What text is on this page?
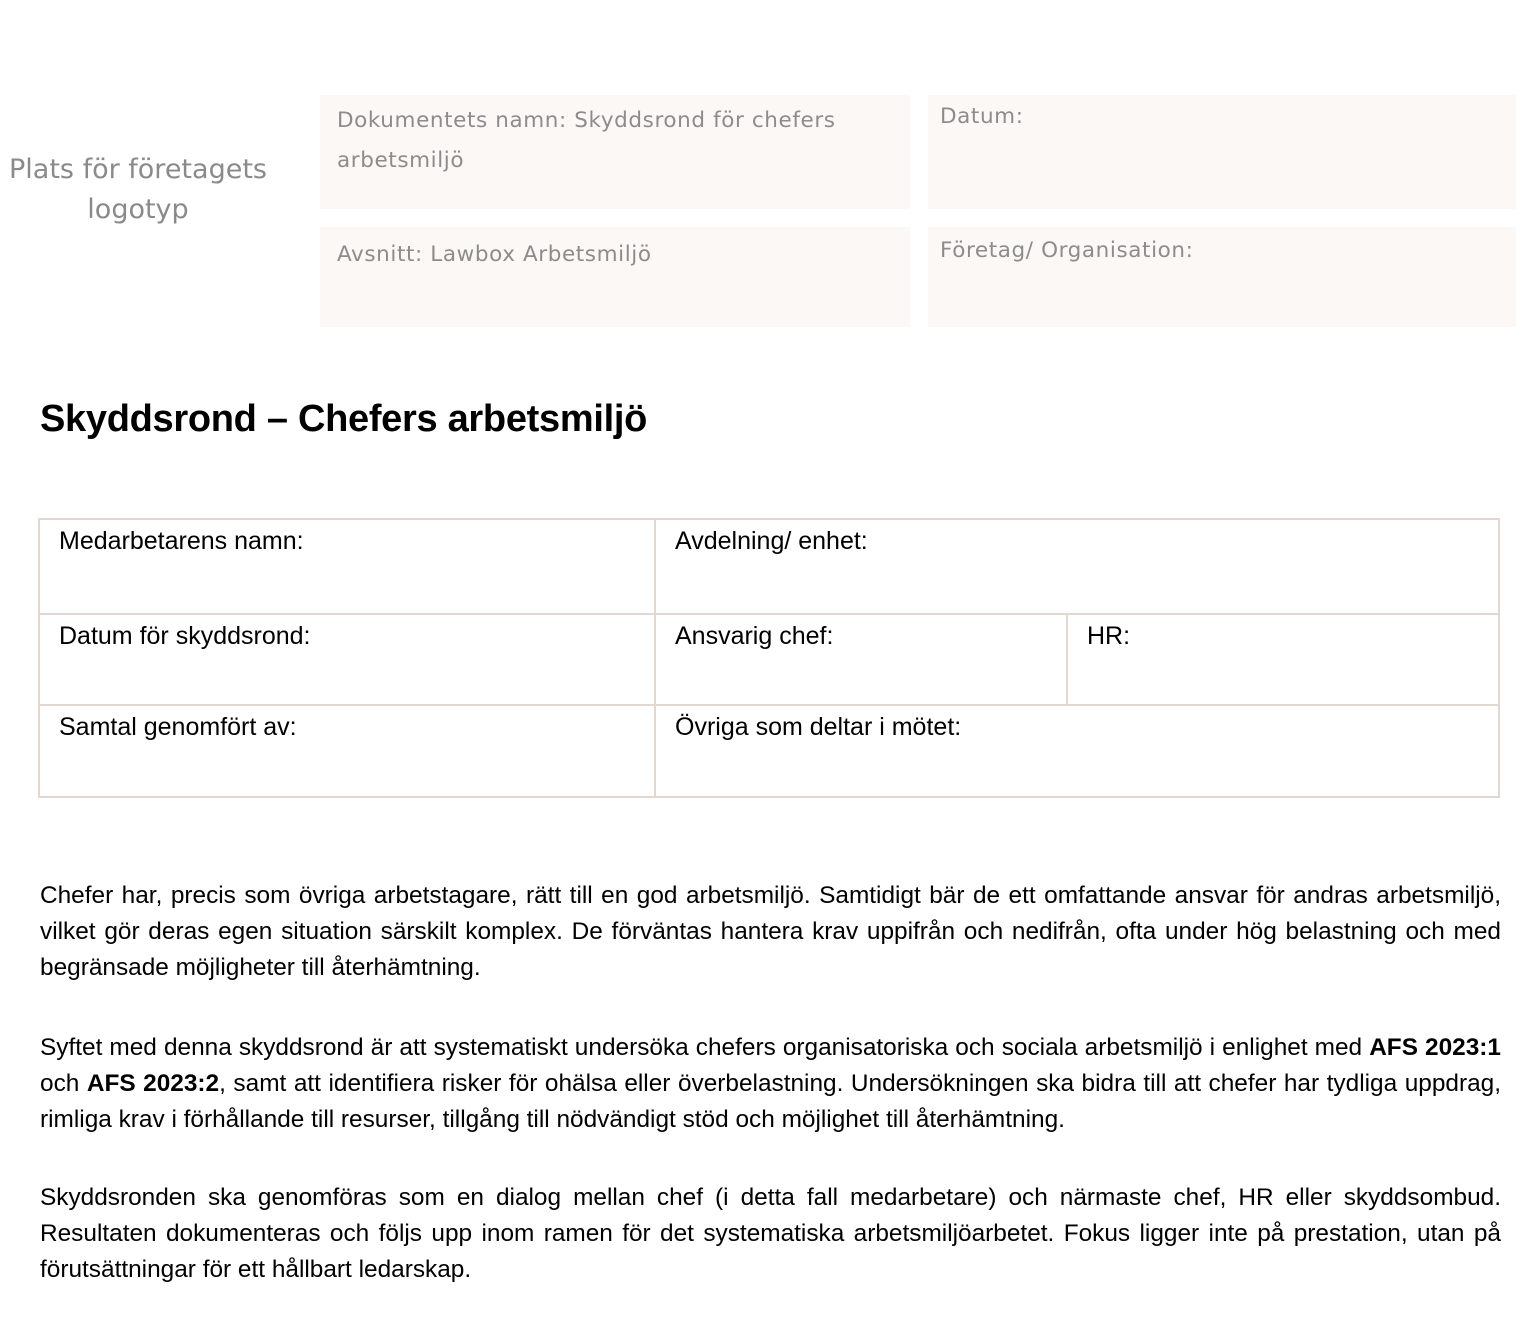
Plats för företagets logotyp
Dokumentets namn: Skyddsrond för chefers arbetsmiljö
Datum:
Avsnitt: Lawbox Arbetsmiljö	Företag/ Organisation:
Skyddsrond – Chefers arbetsmiljö
Medarbetarens namn:	Avdelning/ enhet:
Datum för skyddsrond:	Ansvarig chef:	HR:
Samtal genomfört av:	Övriga som deltar i mötet:

Chefer har, precis som övriga arbetstagare, rätt till en god arbetsmiljö. Samtidigt bär de ett omfattande ansvar för andras arbetsmiljö, vilket gör deras egen situation särskilt komplex. De förväntas hantera krav uppifrån och nedifrån, ofta under hög belastning och med begränsade möjligheter till återhämtning.

Syftet med denna skyddsrond är att systematiskt undersöka chefers organisatoriska och sociala arbetsmiljö i enlighet med AFS 2023:1 och AFS 2023:2, samt att identifiera risker för ohälsa eller överbelastning. Undersökningen ska bidra till att chefer har tydliga uppdrag, rimliga krav i förhållande till resurser, tillgång till nödvändigt stöd och möjlighet till återhämtning.

Skyddsronden ska genomföras som en dialog mellan chef (i detta fall medarbetare) och närmaste chef, HR eller skyddsombud. Resultaten dokumenteras och följs upp inom ramen för det systematiska arbetsmiljöarbetet. Fokus ligger inte på prestation, utan på förutsättningar för ett hållbart ledarskap.
